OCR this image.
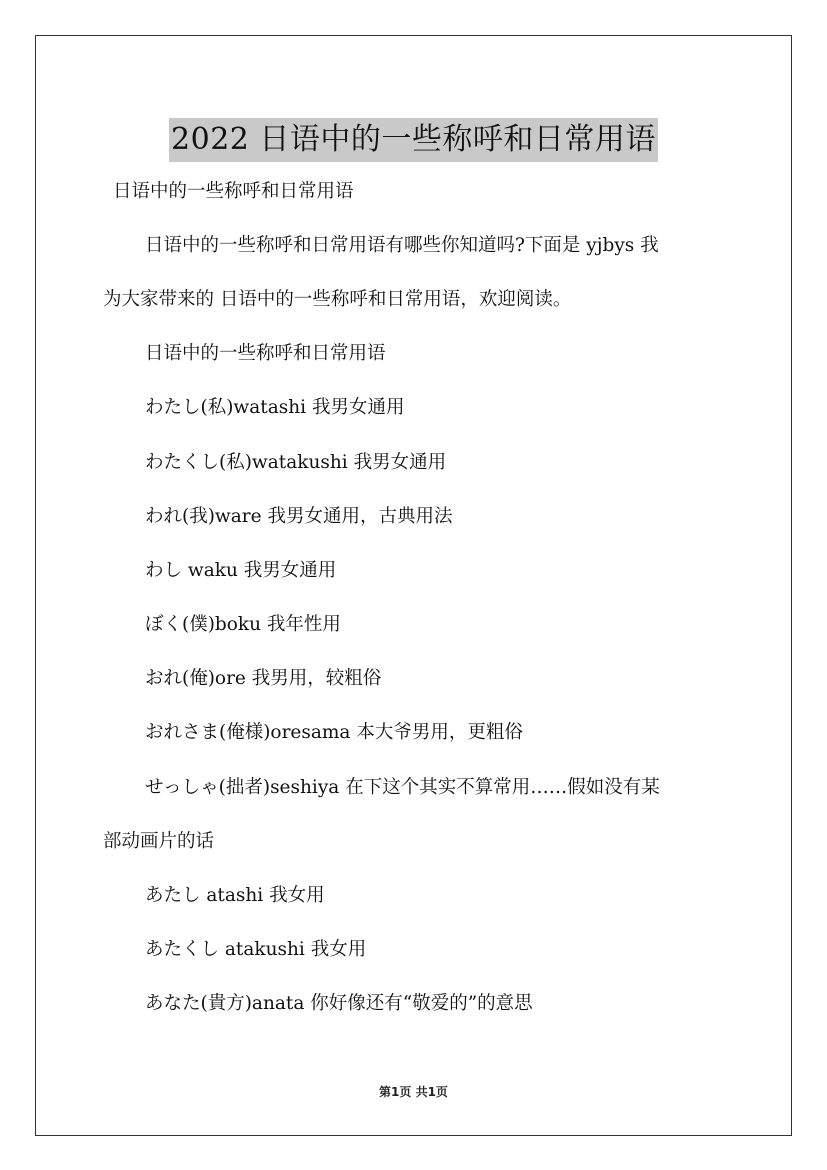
2022 日语中的一些称呼和日常用语
日语中的一些称呼和日常用语
日语中的一些称呼和日常用语有哪些你知道吗?下面是 yjbys 我
为大家带来的 日语中的一些称呼和日常用语，欢迎阅读。
日语中的一些称呼和日常用语
わたし(私)watashi 我男女通用
わたくし(私)watakushi 我男女通用
われ(我)ware 我男女通用，古典用法
わし waku 我男女通用
ぼく(僕)boku 我年性用
おれ(俺)ore 我男用，较粗俗
おれさま(俺様)oresama 本大爷男用，更粗俗
せっしゃ(拙者)seshiya 在下这个其实不算常用……假如没有某
部动画片的话
あたし atashi 我女用
あたくし atakushi 我女用
あなた(貴方)anata 你好像还有“敬爱的”的意思
第1页 共1页
